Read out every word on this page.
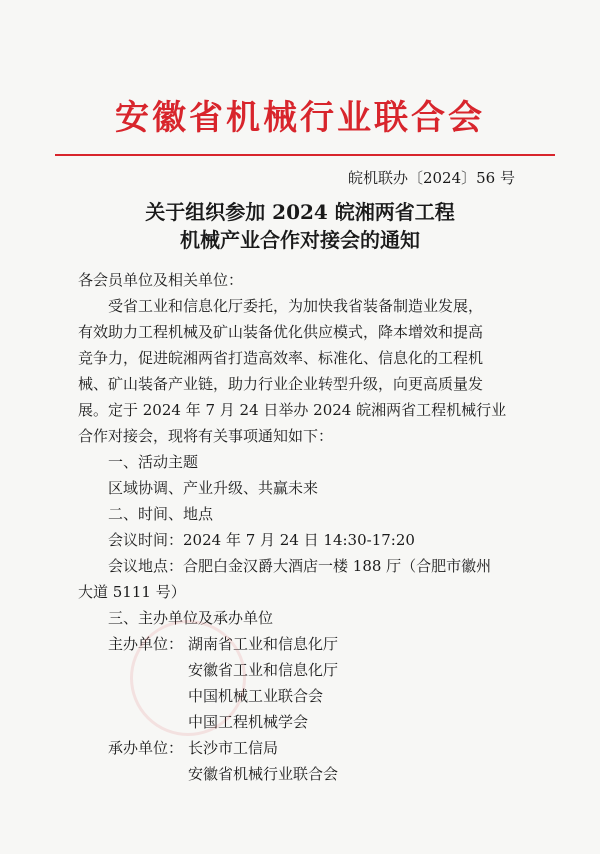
安徽省机械行业联合会
皖机联办〔2024〕56 号
关于组织参加 2024 皖湘两省工程
机械产业合作对接会的通知
各会员单位及相关单位：
受省工业和信息化厅委托，为加快我省装备制造业发展，
有效助力工程机械及矿山装备优化供应模式，降本增效和提高
竞争力，促进皖湘两省打造高效率、标准化、信息化的工程机
械、矿山装备产业链，助力行业企业转型升级，向更高质量发
展。定于 2024 年 7 月 24 日举办 2024 皖湘两省工程机械行业
合作对接会，现将有关事项通知如下：
一、活动主题
区域协调、产业升级、共赢未来
二、时间、地点
会议时间：2024 年 7 月 24 日 14:30-17:20
会议地点：合肥白金汉爵大酒店一楼 188 厅（合肥市徽州
大道 5111 号）
三、主办单位及承办单位
主办单位： 湖南省工业和信息化厅
安徽省工业和信息化厅
中国机械工业联合会
中国工程机械学会
承办单位： 长沙市工信局
安徽省机械行业联合会
